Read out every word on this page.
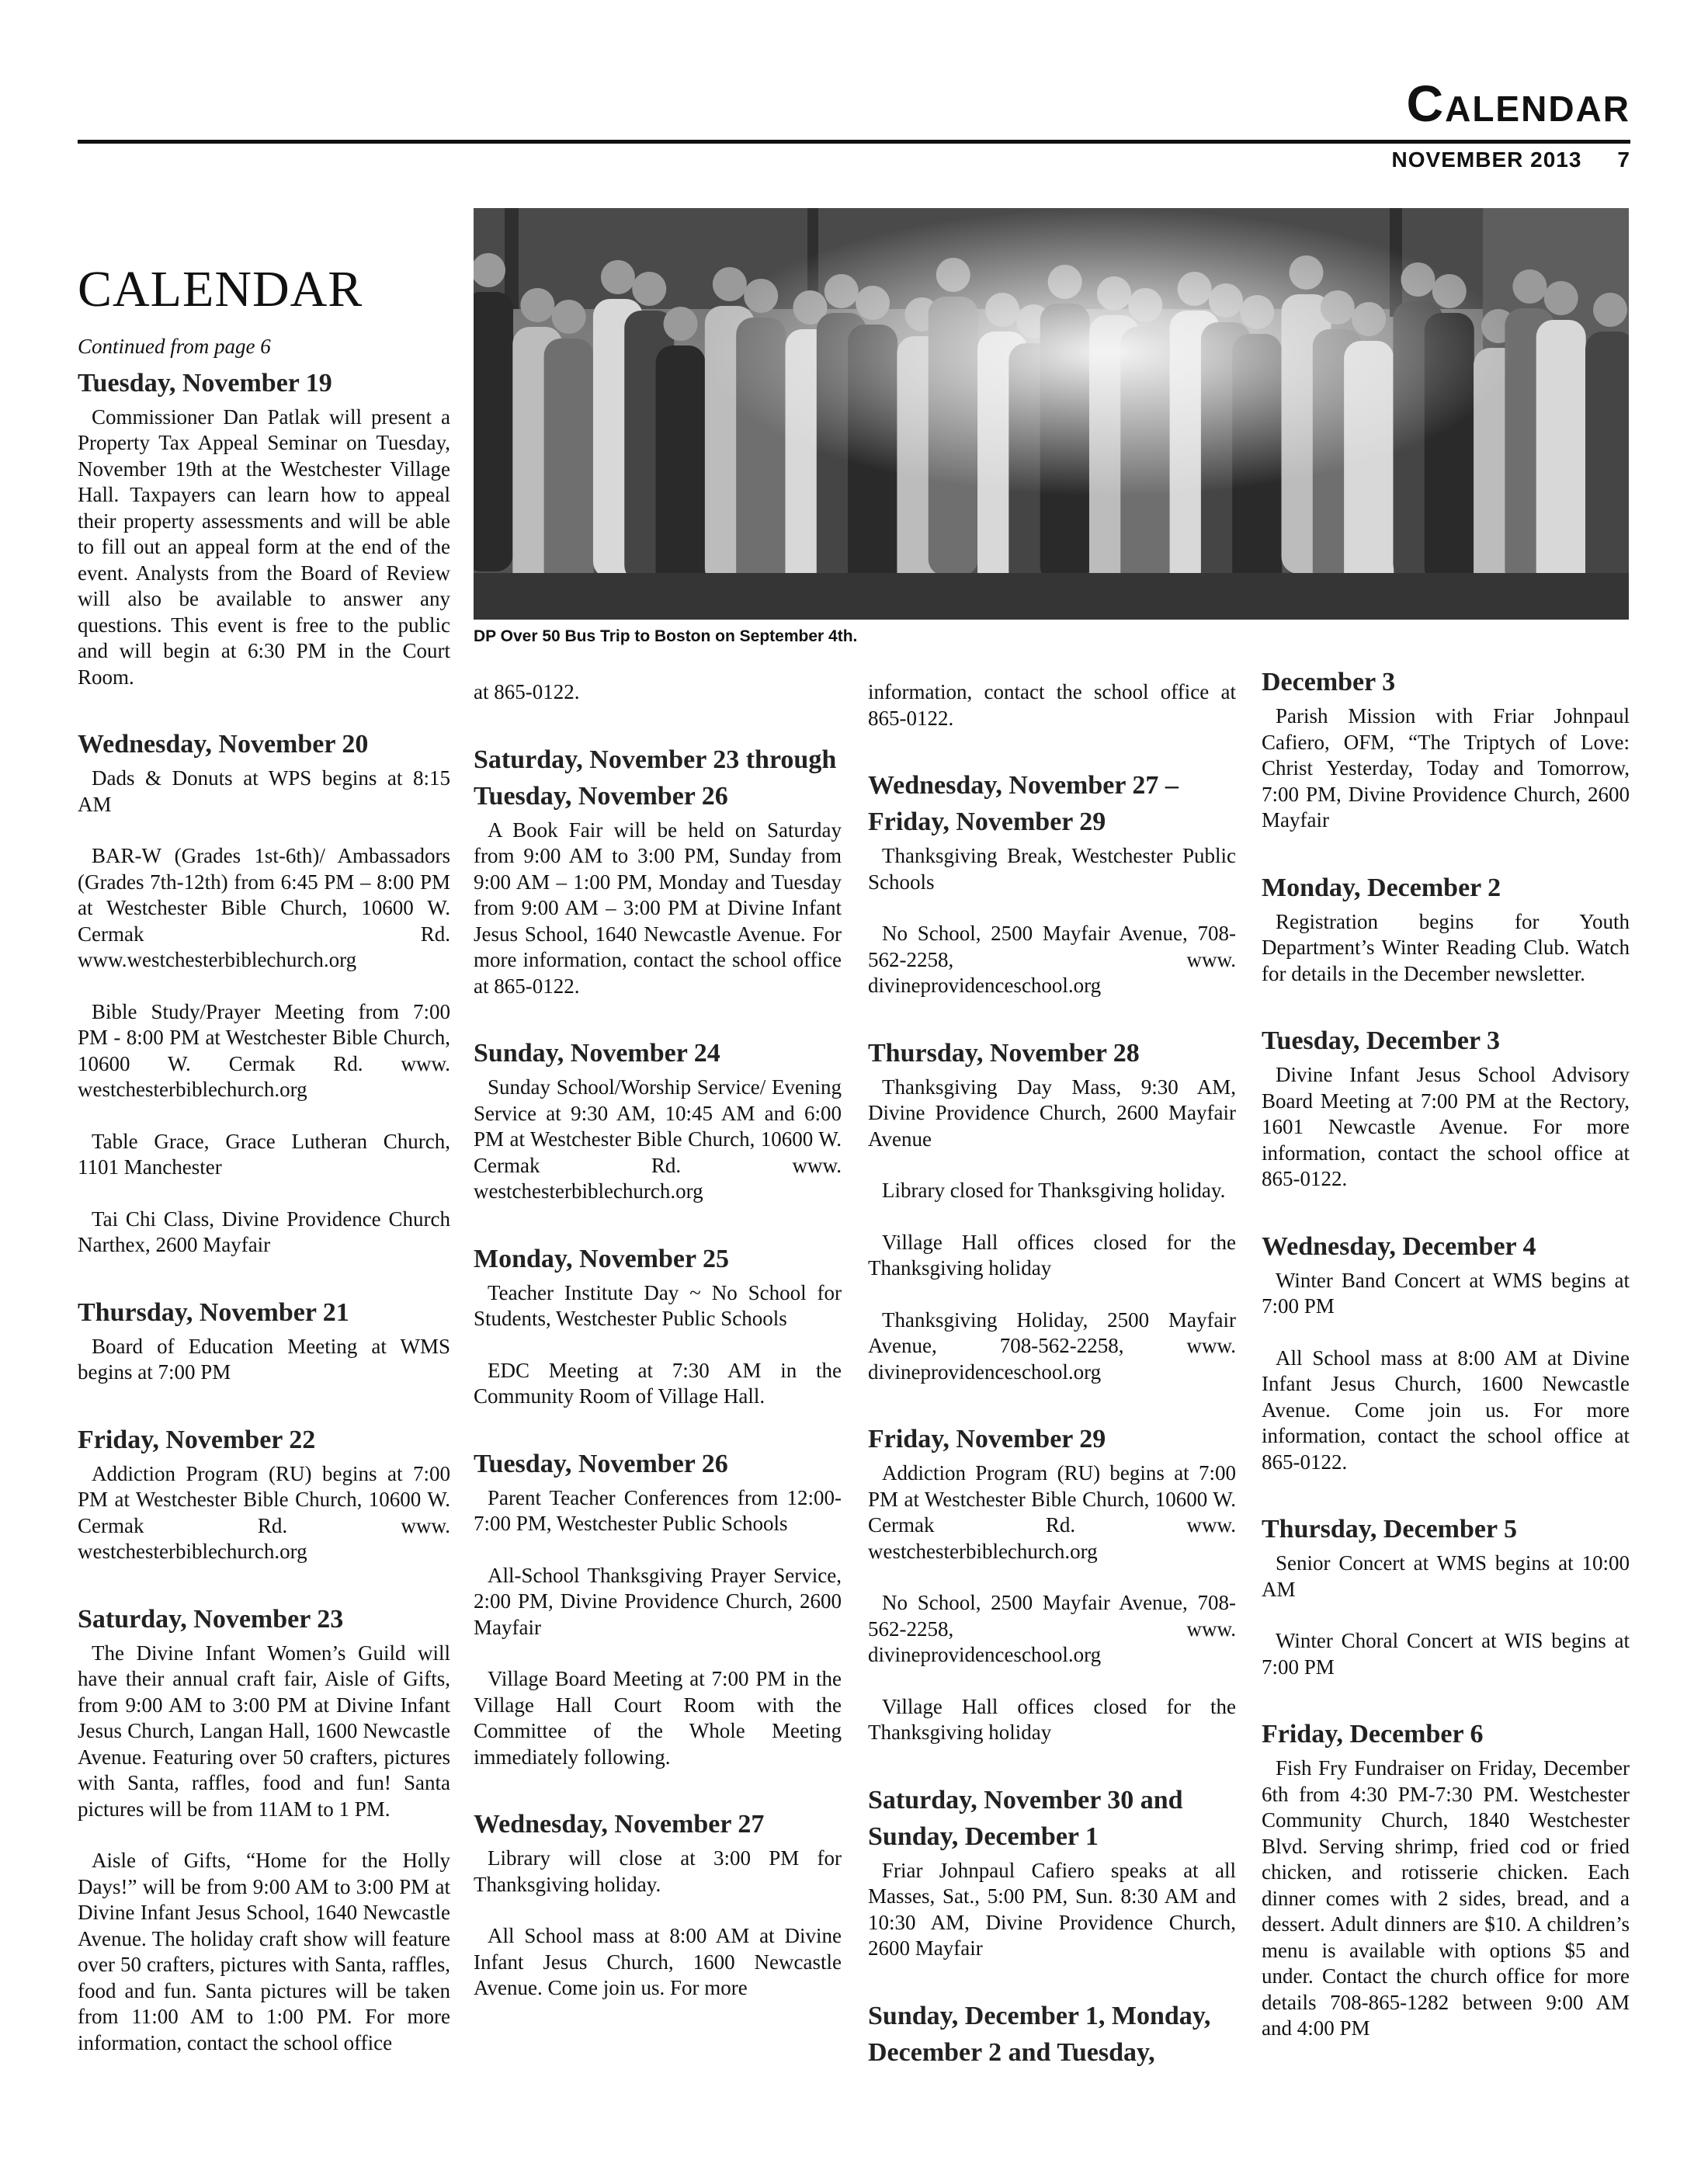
Calendar
NOVEMBER 2013 7
CALENDAR
Continued from page 6
Tuesday, November 19

Commissioner Dan Patlak will present a Property Tax Appeal Seminar on Tuesday, November 19th at the Westchester Village Hall. Taxpayers can learn how to appeal their property assessments and will be able to fill out an appeal form at the end of the event. Analysts from the Board of Review will also be available to answer any questions. This event is free to the public and will begin at 6:30 PM in the Court Room.

Wednesday, November 20

Dads & Donuts at WPS begins at 8:15 AM

BAR-W (Grades 1st-6th)/ Ambassadors (Grades 7th-12th) from 6:45 PM – 8:00 PM at Westchester Bible Church, 10600 W. Cermak Rd. www.westchesterbiblechurch.org

Bible Study/Prayer Meeting from 7:00 PM - 8:00 PM at Westchester Bible Church, 10600 W. Cermak Rd. www. westchesterbiblechurch.org

Table Grace, Grace Lutheran Church, 1101 Manchester

Tai Chi Class, Divine Providence Church Narthex, 2600 Mayfair

Thursday, November 21

Board of Education Meeting at WMS begins at 7:00 PM

Friday, November 22

Addiction Program (RU) begins at 7:00 PM at Westchester Bible Church, 10600 W. Cermak Rd. www. westchesterbiblechurch.org

Saturday, November 23

The Divine Infant Women’s Guild will have their annual craft fair, Aisle of Gifts, from 9:00 AM to 3:00 PM at Divine Infant Jesus Church, Langan Hall, 1600 Newcastle Avenue. Featuring over 50 crafters, pictures with Santa, raffles, food and fun! Santa pictures will be from 11AM to 1 PM.

Aisle of Gifts, “Home for the Holly Days!” will be from 9:00 AM to 3:00 PM at Divine Infant Jesus School, 1640 Newcastle Avenue. The holiday craft show will feature over 50 crafters, pictures with Santa, raffles, food and fun. Santa pictures will be taken from 11:00 AM to 1:00 PM. For more information, contact the school office

DP Over 50 Bus Trip to Boston on September 4th.

at 865-0122.

Saturday, November 23 through Tuesday, November 26

A Book Fair will be held on Saturday from 9:00 AM to 3:00 PM, Sunday from 9:00 AM – 1:00 PM, Monday and Tuesday from 9:00 AM – 3:00 PM at Divine Infant Jesus School, 1640 Newcastle Avenue. For more information, contact the school office at 865-0122.

Sunday, November 24

Sunday School/Worship Service/ Evening Service at 9:30 AM, 10:45 AM and 6:00 PM at Westchester Bible Church, 10600 W. Cermak Rd. www. westchesterbiblechurch.org

Monday, November 25

Teacher Institute Day ~ No School for Students, Westchester Public Schools

EDC Meeting at 7:30 AM in the Community Room of Village Hall.

Tuesday, November 26

Parent Teacher Conferences from 12:00-7:00 PM, Westchester Public Schools

All-School Thanksgiving Prayer Service, 2:00 PM, Divine Providence Church, 2600 Mayfair

Village Board Meeting at 7:00 PM in the Village Hall Court Room with the Committee of the Whole Meeting immediately following.

Wednesday, November 27

Library will close at 3:00 PM for Thanksgiving holiday.

All School mass at 8:00 AM at Divine Infant Jesus Church, 1600 Newcastle Avenue. Come join us. For more

information, contact the school office at 865-0122.

Wednesday, November 27 – Friday, November 29

Thanksgiving Break, Westchester Public Schools

No School, 2500 Mayfair Avenue, 708-562-2258, www. divineprovidenceschool.org

Thursday, November 28

Thanksgiving Day Mass, 9:30 AM, Divine Providence Church, 2600 Mayfair Avenue

Library closed for Thanksgiving holiday.

Village Hall offices closed for the Thanksgiving holiday

Thanksgiving Holiday, 2500 Mayfair Avenue, 708-562-2258, www. divineprovidenceschool.org

Friday, November 29

Addiction Program (RU) begins at 7:00 PM at Westchester Bible Church, 10600 W. Cermak Rd. www. westchesterbiblechurch.org

No School, 2500 Mayfair Avenue, 708-562-2258, www. divineprovidenceschool.org

Village Hall offices closed for the Thanksgiving holiday

Saturday, November 30 and Sunday, December 1

Friar Johnpaul Cafiero speaks at all Masses, Sat., 5:00 PM, Sun. 8:30 AM and 10:30 AM, Divine Providence Church, 2600 Mayfair

Sunday, December 1, Monday, December 2 and Tuesday,
December 3

Parish Mission with Friar Johnpaul Cafiero, OFM, “The Triptych of Love: Christ Yesterday, Today and Tomorrow, 7:00 PM, Divine Providence Church, 2600 Mayfair

Monday, December 2

Registration begins for Youth Department’s Winter Reading Club. Watch for details in the December newsletter.

Tuesday, December 3

Divine Infant Jesus School Advisory Board Meeting at 7:00 PM at the Rectory, 1601 Newcastle Avenue. For more information, contact the school office at 865-0122.

Wednesday, December 4

Winter Band Concert at WMS begins at 7:00 PM

All School mass at 8:00 AM at Divine Infant Jesus Church, 1600 Newcastle Avenue. Come join us. For more information, contact the school office at 865-0122.

Thursday, December 5

Senior Concert at WMS begins at 10:00 AM

Winter Choral Concert at WIS begins at 7:00 PM

Friday, December 6

Fish Fry Fundraiser on Friday, December 6th from 4:30 PM-7:30 PM. Westchester Community Church, 1840 Westchester Blvd. Serving shrimp, fried cod or fried chicken, and rotisserie chicken. Each dinner comes with 2 sides, bread, and a dessert. Adult dinners are $10. A children’s menu is available with options $5 and under. Contact the church office for more details 708-865-1282 between 9:00 AM and 4:00 PM
